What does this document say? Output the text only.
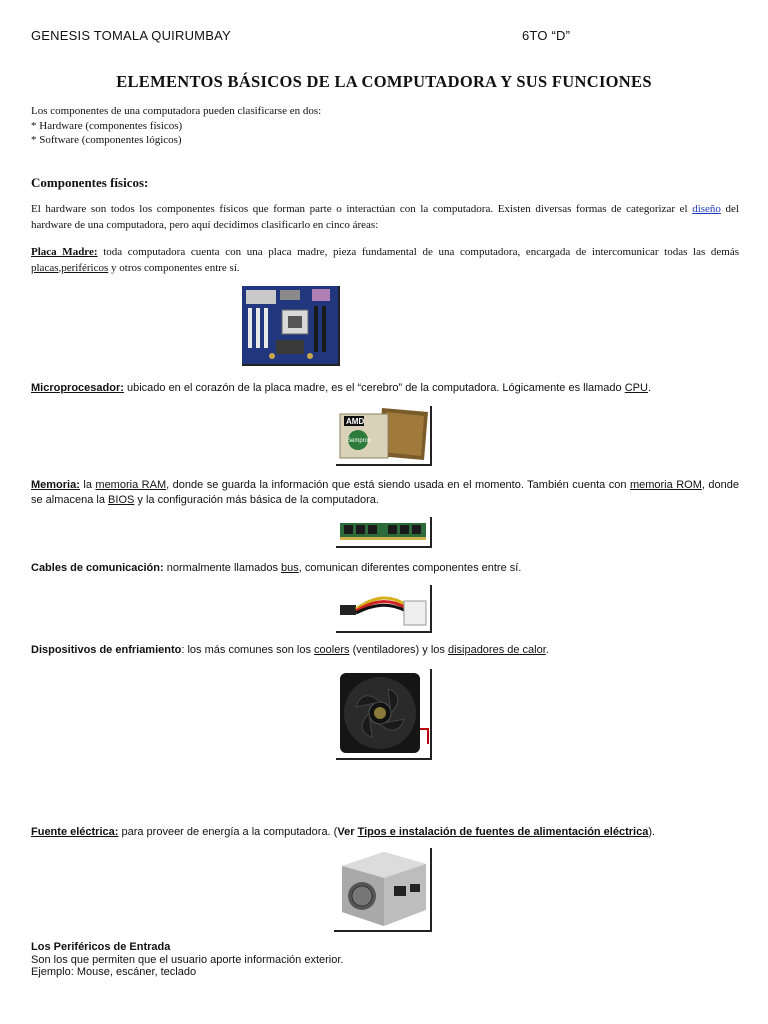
GENESIS TOMALA QUIRUMBAY	6TO “D”
ELEMENTOS BÁSICOS DE LA COMPUTADORA Y SUS FUNCIONES
Los componentes de una computadora pueden clasificarse en dos:
* Hardware (componentes físicos)
* Software (componentes lógicos)
Componentes físicos:
El hardware son todos los componentes físicos que forman parte o interactúan con la computadora. Existen diversas formas de categorizar el diseño del hardware de una computadora, pero aquí decidimos clasificarlo en cinco áreas:
Placa Madre: toda computadora cuenta con una placa madre, pieza fundamental de una computadora, encargada de intercomunicar todas las demás placas,periféricos y otros componentes entre sí.
Microprocesador: ubicado en el corazón de la placa madre, es el “cerebro” de la computadora. Lógicamente es llamado CPU.
AMD
Sempron
Memoria: la memoria RAM, donde se guarda la información que está siendo usada en el momento. También cuenta con memoria ROM, donde se almacena la BIOS y la configuración más básica de la computadora.
Cables de comunicación: normalmente llamados bus, comunican diferentes componentes entre sí.
Dispositivos de enfriamiento: los más comunes son los coolers (ventiladores) y los disipadores de calor.
Fuente eléctrica: para proveer de energía a la computadora. (Ver Tipos e instalación de fuentes de alimentación eléctrica).
Los Periféricos de Entrada
Son los que permiten que el usuario aporte información exterior.
Ejemplo: Mouse, escáner, teclado
